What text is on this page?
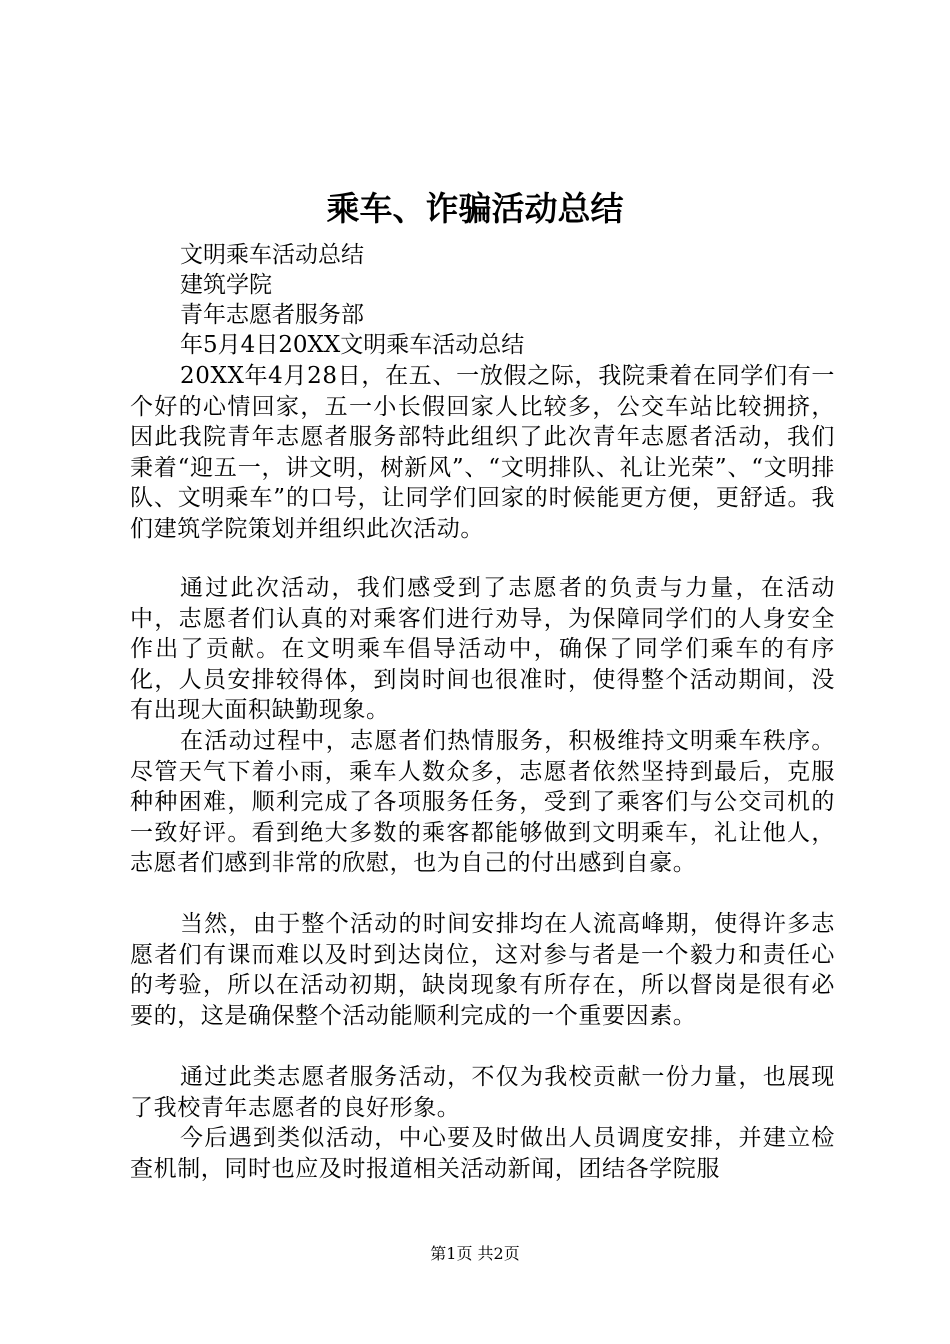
乘车、诈骗活动总结
文明乘车活动总结
建筑学院
青年志愿者服务部
年5月4日20XX文明乘车活动总结

20XX年4月28日，在五、一放假之际，我院秉着在同学们有一个好的心情回家，五一小长假回家人比较多，公交车站比较拥挤，因此我院青年志愿者服务部特此组织了此次青年志愿者活动，我们秉着“迎五一，讲文明，树新风”、“文明排队、礼让光荣”、“文明排队、文明乘车”的口号，让同学们回家的时候能更方便，更舒适。我们建筑学院策划并组织此次活动。

通过此次活动，我们感受到了志愿者的负责与力量，在活动中，志愿者们认真的对乘客们进行劝导，为保障同学们的人身安全作出了贡献。在文明乘车倡导活动中，确保了同学们乘车的有序化，人员安排较得体，到岗时间也很准时，使得整个活动期间，没有出现大面积缺勤现象。

在活动过程中，志愿者们热情服务，积极维持文明乘车秩序。尽管天气下着小雨，乘车人数众多，志愿者依然坚持到最后，克服种种困难，顺利完成了各项服务任务，受到了乘客们与公交司机的一致好评。看到绝大多数的乘客都能够做到文明乘车，礼让他人，志愿者们感到非常的欣慰，也为自己的付出感到自豪。

当然，由于整个活动的时间安排均在人流高峰期，使得许多志愿者们有课而难以及时到达岗位，这对参与者是一个毅力和责任心的考验，所以在活动初期，缺岗现象有所存在，所以督岗是很有必要的，这是确保整个活动能顺利完成的一个重要因素。

通过此类志愿者服务活动，不仅为我校贡献一份力量，也展现了我校青年志愿者的良好形象。

今后遇到类似活动，中心要及时做出人员调度安排，并建立检查机制，同时也应及时报道相关活动新闻，团结各学院服

第1页 共2页
